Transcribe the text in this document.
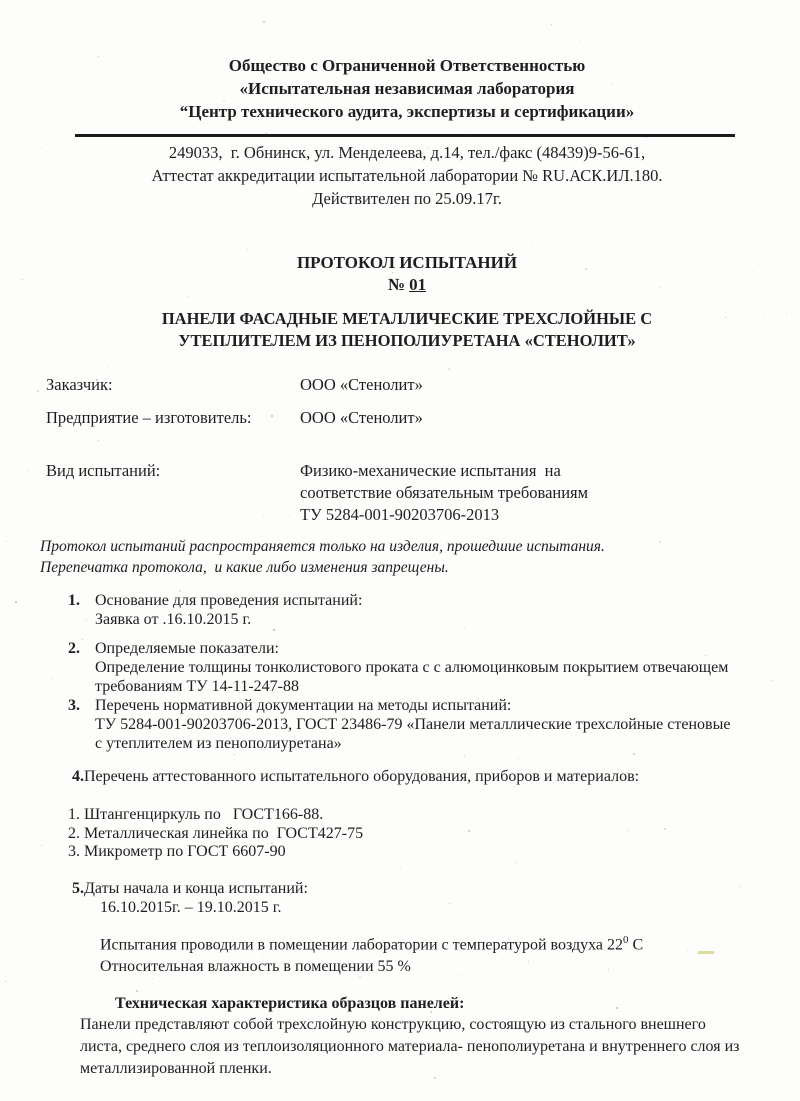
Общество с Ограниченной Ответственностью
«Испытательная независимая лаборатория
“Центр технического аудита, экспертизы и сертификации»
249033,  г. Обнинск, ул. Менделеева, д.14, тел./факс (48439)9-56-61,
Аттестат аккредитации испытательной лаборатории № RU.АСК.ИЛ.180.
Действителен по 25.09.17г.
ПРОТОКОЛ ИСПЫТАНИЙ
№ 01
ПАНЕЛИ ФАСАДНЫЕ МЕТАЛЛИЧЕСКИЕ ТРЕХСЛОЙНЫЕ С УТЕПЛИТЕЛЕМ ИЗ ПЕНОПОЛИУРЕТАНА «СТЕНОЛИТ»
Заказчик:	ООО «Стенолит»
Предприятие – изготовитель:	ООО «Стенолит»
Вид испытаний:	Физико-механические испытания  на соответствие обязательным требованиям ТУ 5284-001-90203706-2013
Протокол испытаний распространяется только на изделия, прошедшие испытания.
Перепечатка протокола,  и какие либо изменения запрещены.
1. Основание для проведения испытаний:
Заявка от .16.10.2015 г.
2. Определяемые показатели:
Определение толщины тонколистового проката с с алюмоцинковым покрытием отвечающем требованиям ТУ 14-11-247-88
3. Перечень нормативной документации на методы испытаний:
ТУ 5284-001-90203706-2013, ГОСТ 23486-79 «Панели металлические трехслойные стеновые с утеплителем из пенополиуретана»
4.Перечень аттестованного испытательного оборудования, приборов и материалов:
1. Штангенциркуль по   ГОСТ166-88.
2. Металлическая линейка по  ГОСТ427-75
3. Микрометр по ГОСТ 6607-90
5.Даты начала и конца испытаний:
16.10.2015г. – 19.10.2015 г.
Испытания проводили в помещении лаборатории с температурой воздуха $22^0$ С
Относительная влажность в помещении 55 %
Техническая характеристика образцов панелей:
Панели представляют собой трехслойную конструкцию, состоящую из стального внешнего листа, среднего слоя из теплоизоляционного материала- пенополиуретана и внутреннего слоя из металлизированной пленки.
